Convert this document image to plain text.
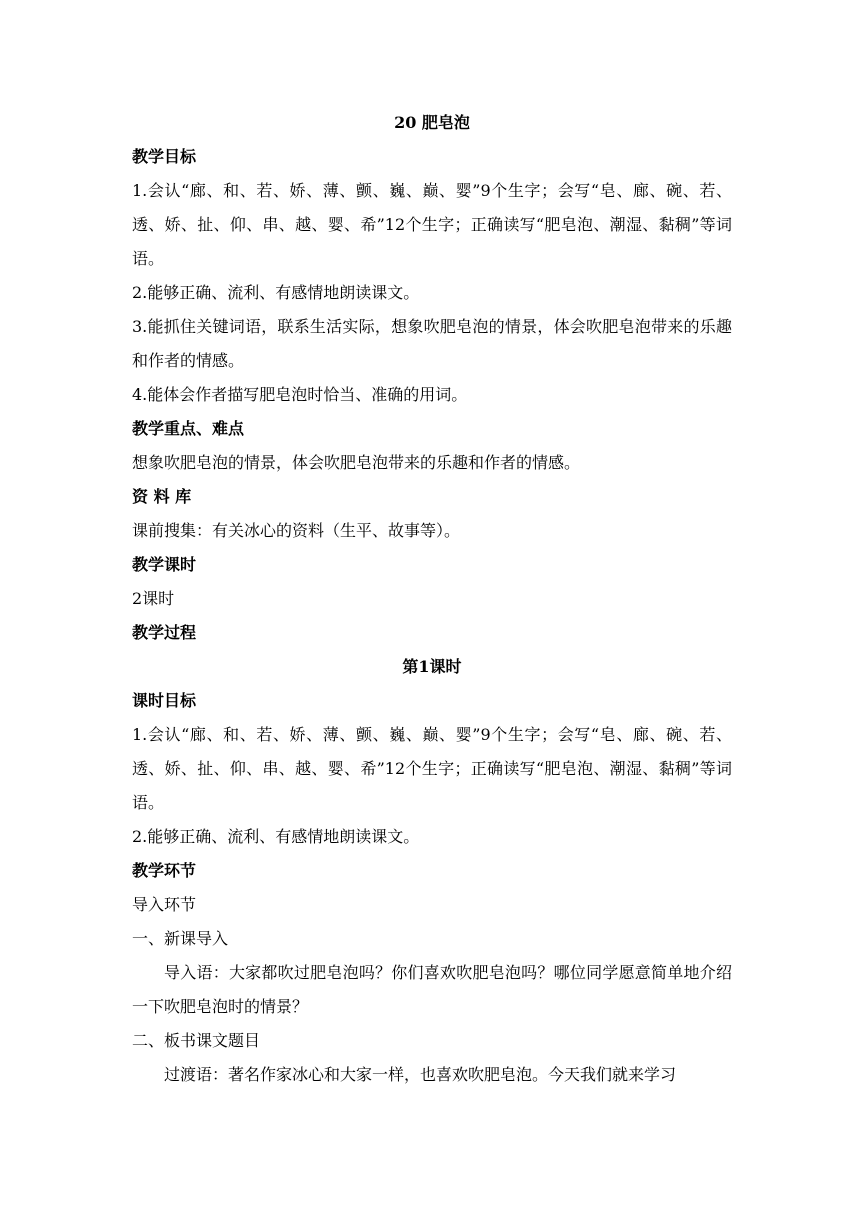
20 肥皂泡
教学目标
1.会认“廊、和、若、娇、薄、颤、巍、巅、婴”9个生字；会写“皂、廊、碗、若、透、娇、扯、仰、串、越、婴、希”12个生字；正确读写“肥皂泡、潮湿、黏稠”等词语。
2.能够正确、流利、有感情地朗读课文。
3.能抓住关键词语，联系生活实际，想象吹肥皂泡的情景，体会吹肥皂泡带来的乐趣和作者的情感。
4.能体会作者描写肥皂泡时恰当、准确的用词。
教学重点、难点
想象吹肥皂泡的情景，体会吹肥皂泡带来的乐趣和作者的情感。
资 料 库
课前搜集：有关冰心的资料（生平、故事等）。
教学课时
2课时
教学过程
第1课时
课时目标
1.会认“廊、和、若、娇、薄、颤、巍、巅、婴”9个生字；会写“皂、廊、碗、若、透、娇、扯、仰、串、越、婴、希”12个生字；正确读写“肥皂泡、潮湿、黏稠”等词语。
2.能够正确、流利、有感情地朗读课文。
教学环节
导入环节
一、新课导入
导入语：大家都吹过肥皂泡吗？你们喜欢吹肥皂泡吗？哪位同学愿意简单地介绍一下吹肥皂泡时的情景？
二、板书课文题目
过渡语：著名作家冰心和大家一样，也喜欢吹肥皂泡。今天我们就来学习
